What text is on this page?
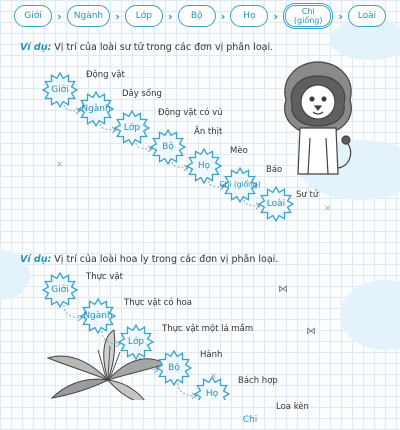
Giới › Ngành › Lớp › Bộ › Họ ›	Chi (giống) › Loài
Ví dụ: Vị trí của loài sư tử trong các đơn vị phân loại.
Ví dụ: Vị trí của loài hoa ly trong các đơn vị phân loại.
✕
✕
✕
⋈
⋈
Giới
Động vật
Ngành
Dây sống
Lớp
Động vật có vú
Bộ
Ăn thịt
Họ
Mèo
Chi (giống)
Báo
Loài
Sư tử
Giới
Thực vật
Ngành
Thực vật có hoa
Lớp
Thực vật một lá mầm
Bộ
Hành
Họ
Bách hợp
Chi
Loa kèn
